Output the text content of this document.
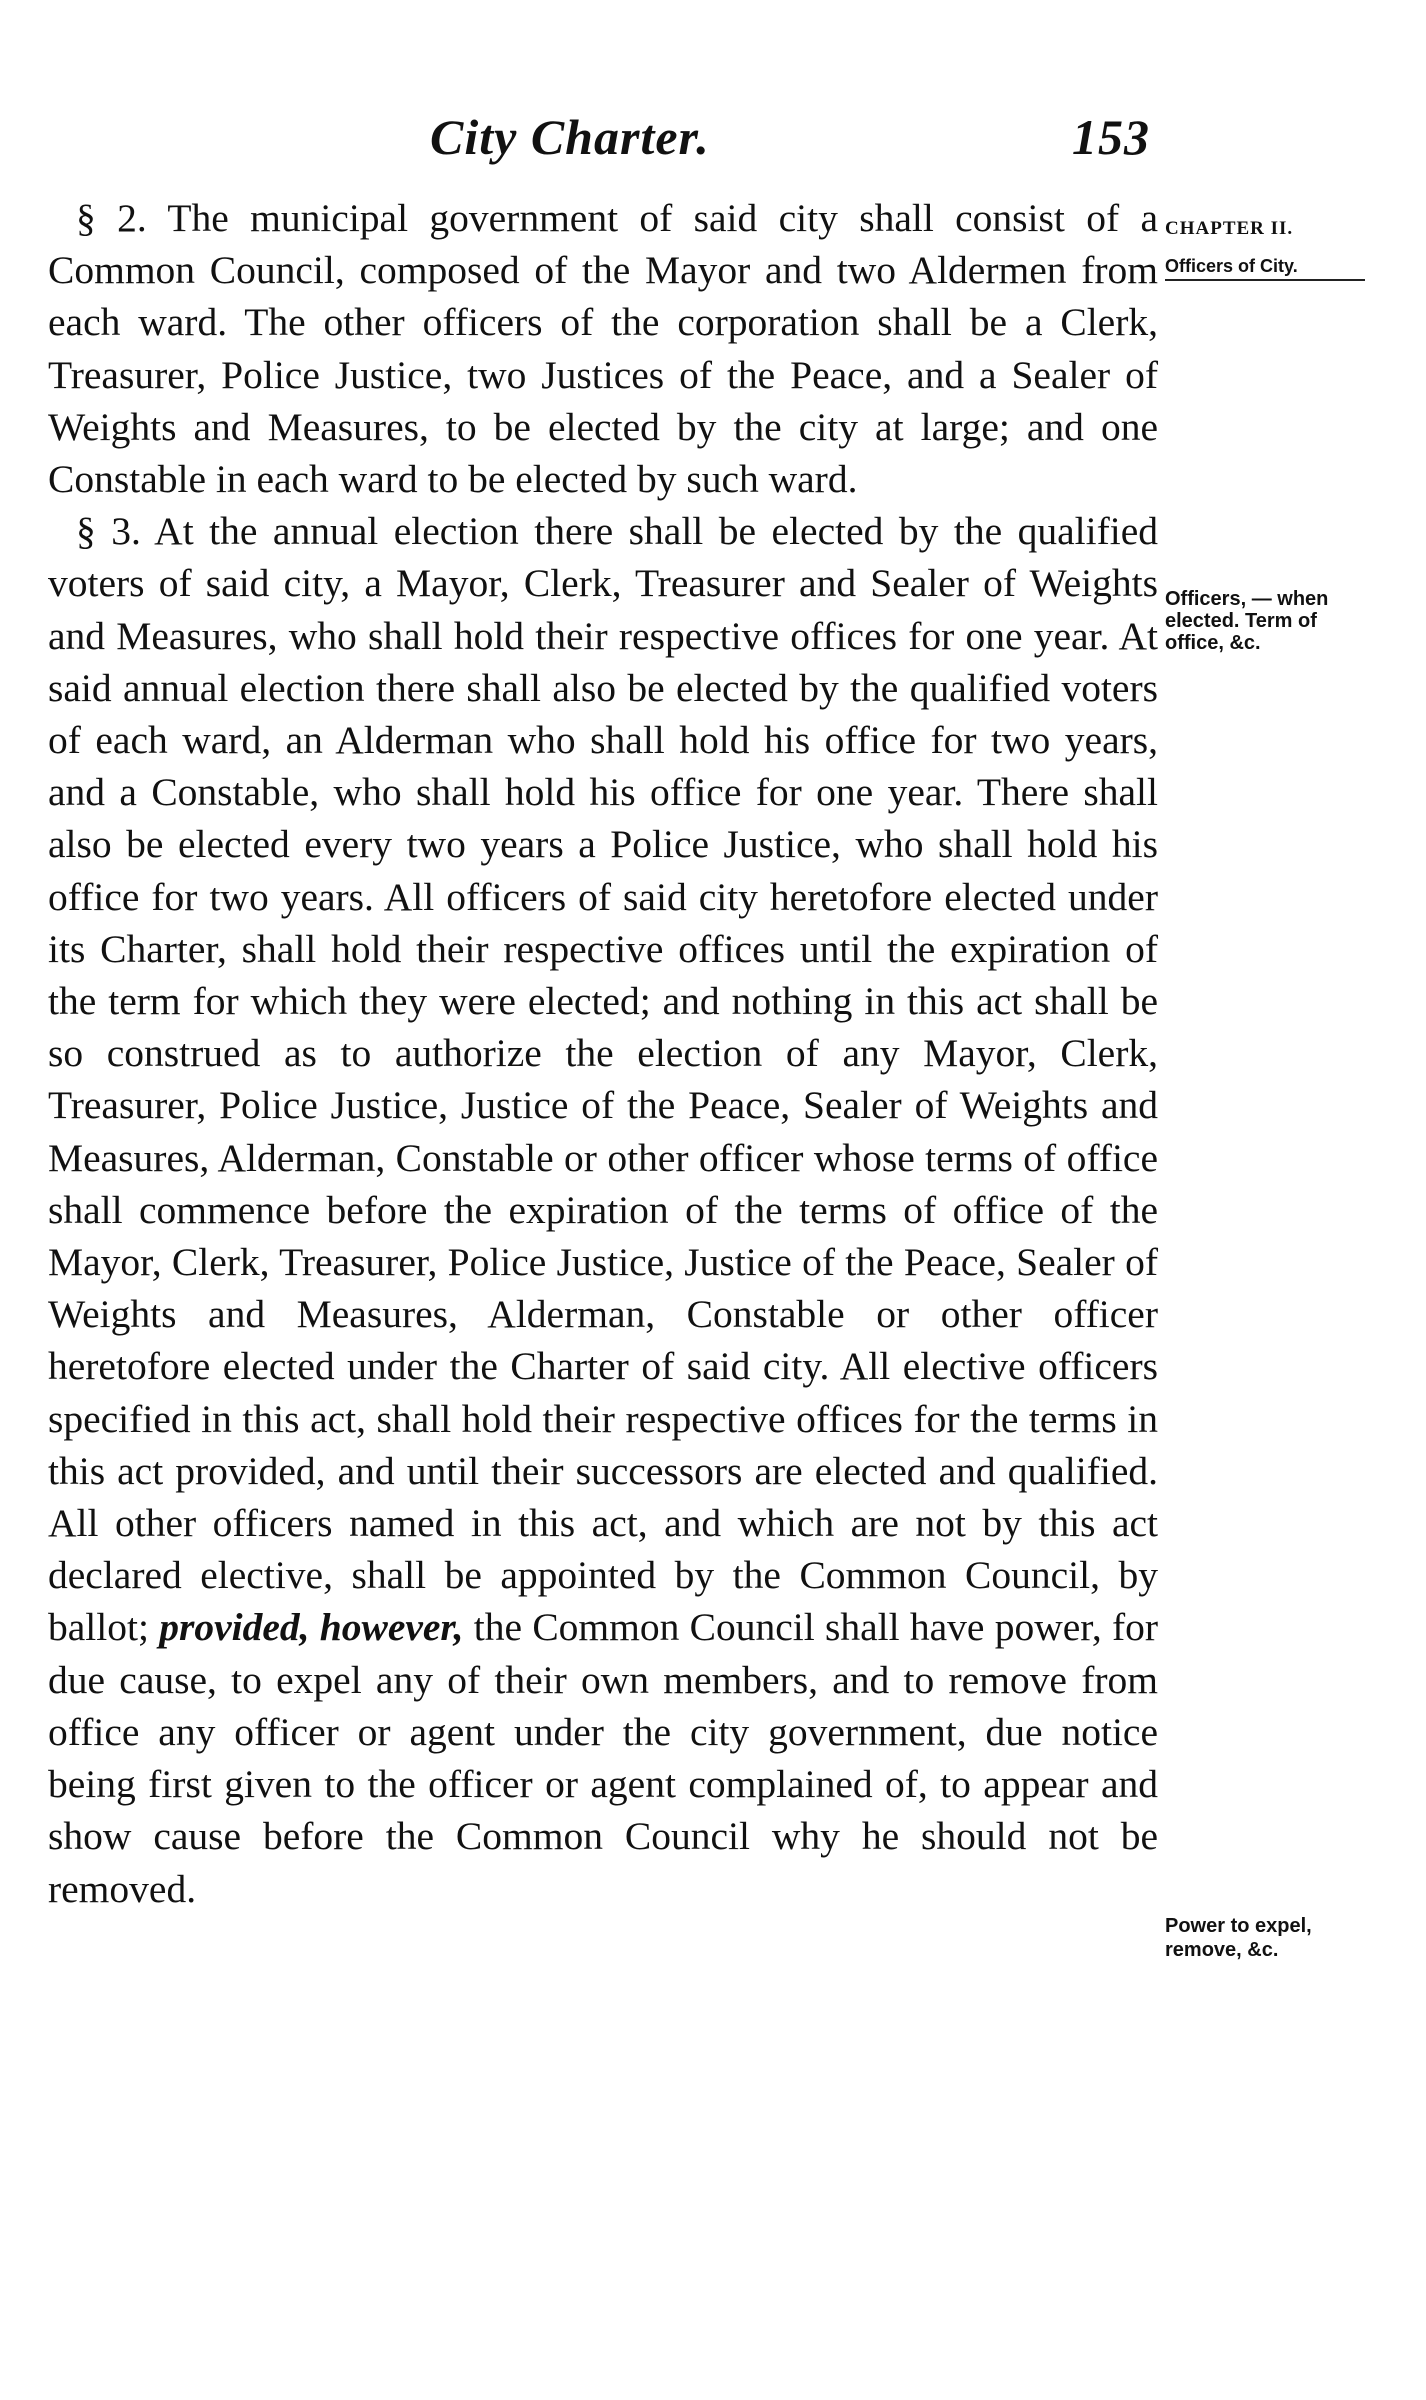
City Charter.	153

§ 2. The municipal government of said city shall consist of a Common Council, composed of the Mayor and two Aldermen from each ward. The other officers of the corporation shall be a Clerk, Treasurer, Police Justice, two Justices of the Peace, and a Sealer of Weights and Measures, to be elected by the city at large; and one Constable in each ward to be elected by such ward.

§ 3. At the annual election there shall be elected by the qualified voters of said city, a Mayor, Clerk, Treasurer and Sealer of Weights and Measures, who shall hold their respective offices for one year. At said annual election there shall also be elected by the qualified voters of each ward, an Alderman who shall hold his office for two years, and a Constable, who shall hold his office for one year. There shall also be elected every two years a Police Justice, who shall hold his office for two years. All officers of said city heretofore elected under its Charter, shall hold their respective offices until the expiration of the term for which they were elected; and nothing in this act shall be so construed as to authorize the election of any Mayor, Clerk, Treasurer, Police Justice, Justice of the Peace, Sealer of Weights and Measures, Alderman, Constable or other officer whose terms of office shall commence before the expiration of the terms of office of the Mayor, Clerk, Treasurer, Police Justice, Justice of the Peace, Sealer of Weights and Measures, Alderman, Constable or other officer heretofore elected under the Charter of said city. All elective officers specified in this act, shall hold their respective offices for the terms in this act provided, and until their successors are elected and qualified. All other officers named in this act, and which are not by this act declared elective, shall be appointed by the Common Council, by ballot; provided, however, the Common Council shall have power, for due cause, to expel any of their own members, and to remove from office any officer or agent under the city government, due notice being first given to the officer or agent complained of, to appear and show cause before the Common Council why he should not be removed.

CHAPTER II.
Officers of City.
Officers, — when elected. Term of office, &c.
Power to expel, remove, &c.
